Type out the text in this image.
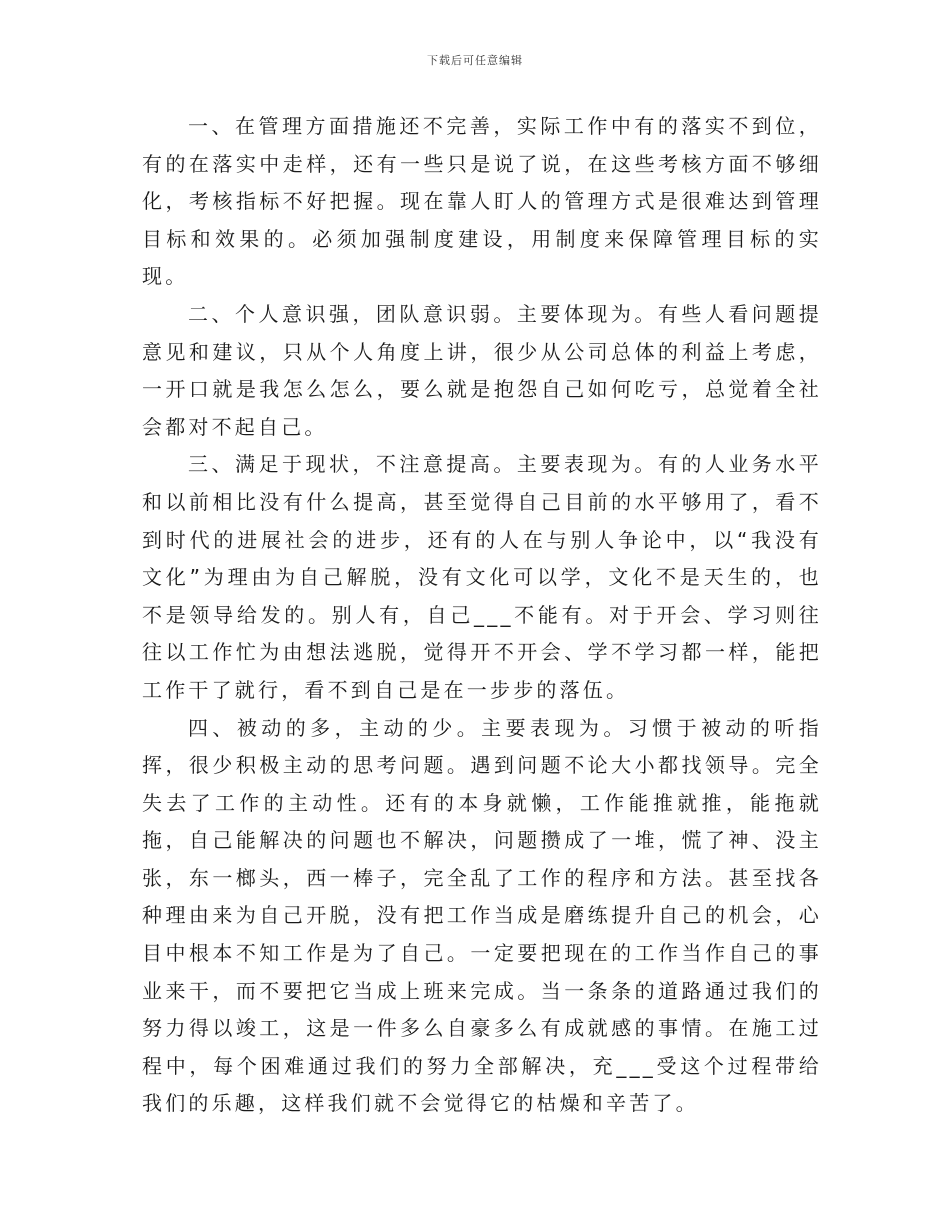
下载后可任意编辑

一、在管理方面措施还不完善，实际工作中有的落实不到位，有的在落实中走样，还有一些只是说了说，在这些考核方面不够细化，考核指标不好把握。现在靠人盯人的管理方式是很难达到管理目标和效果的。必须加强制度建设，用制度来保障管理目标的实现。

二、个人意识强，团队意识弱。主要体现为。有些人看问题提意见和建议，只从个人角度上讲，很少从公司总体的利益上考虑，一开口就是我怎么怎么，要么就是抱怨自己如何吃亏，总觉着全社会都对不起自己。

三、满足于现状，不注意提高。主要表现为。有的人业务水平和以前相比没有什么提高，甚至觉得自己目前的水平够用了，看不到时代的进展社会的进步，还有的人在与别人争论中，以“我没有文化”为理由为自己解脱，没有文化可以学，文化不是天生的，也不是领导给发的。别人有，自己___不能有。对于开会、学习则往往以工作忙为由想法逃脱，觉得开不开会、学不学习都一样，能把工作干了就行，看不到自己是在一步步的落伍。

四、被动的多，主动的少。主要表现为。习惯于被动的听指挥，很少积极主动的思考问题。遇到问题不论大小都找领导。完全失去了工作的主动性。还有的本身就懒，工作能推就推，能拖就拖，自己能解决的问题也不解决，问题攒成了一堆，慌了神、没主张，东一榔头，西一棒子，完全乱了工作的程序和方法。甚至找各种理由来为自己开脱，没有把工作当成是磨练提升自己的机会，心目中根本不知工作是为了自己。一定要把现在的工作当作自己的事业来干，而不要把它当成上班来完成。当一条条的道路通过我们的努力得以竣工，这是一件多么自豪多么有成就感的事情。在施工过程中，每个困难通过我们的努力全部解决，充___受这个过程带给我们的乐趣，这样我们就不会觉得它的枯燥和辛苦了。
